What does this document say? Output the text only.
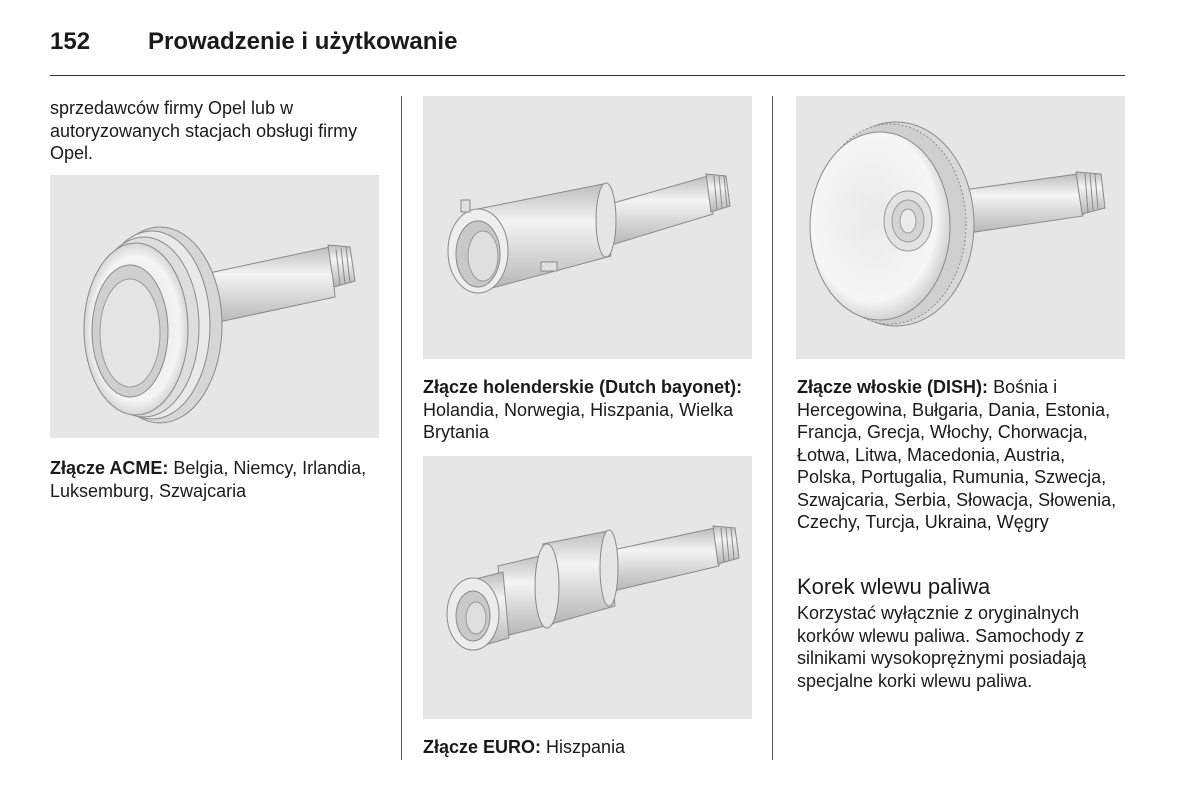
152 Prowadzenie i użytkowanie
sprzedawców firmy Opel lub w autoryzowanych stacjach obsługi firmy Opel.
Złącze ACME: Belgia, Niemcy, Irlandia, Luksemburg, Szwajcaria
Złącze holenderskie (Dutch bayonet): Holandia, Norwegia, Hiszpania, Wielka Brytania
Złącze EURO: Hiszpania
Złącze włoskie (DISH): Bośnia i Hercegowina, Bułgaria, Dania, Estonia, Francja, Grecja, Włochy, Chorwacja, Łotwa, Litwa, Macedonia, Austria, Polska, Portugalia, Rumunia, Szwecja, Szwajcaria, Serbia, Słowacja, Słowenia, Czechy, Turcja, Ukraina, Węgry
Korek wlewu paliwa
Korzystać wyłącznie z oryginalnych korków wlewu paliwa. Samochody z silnikami wysokoprężnymi posiadają specjalne korki wlewu paliwa.
